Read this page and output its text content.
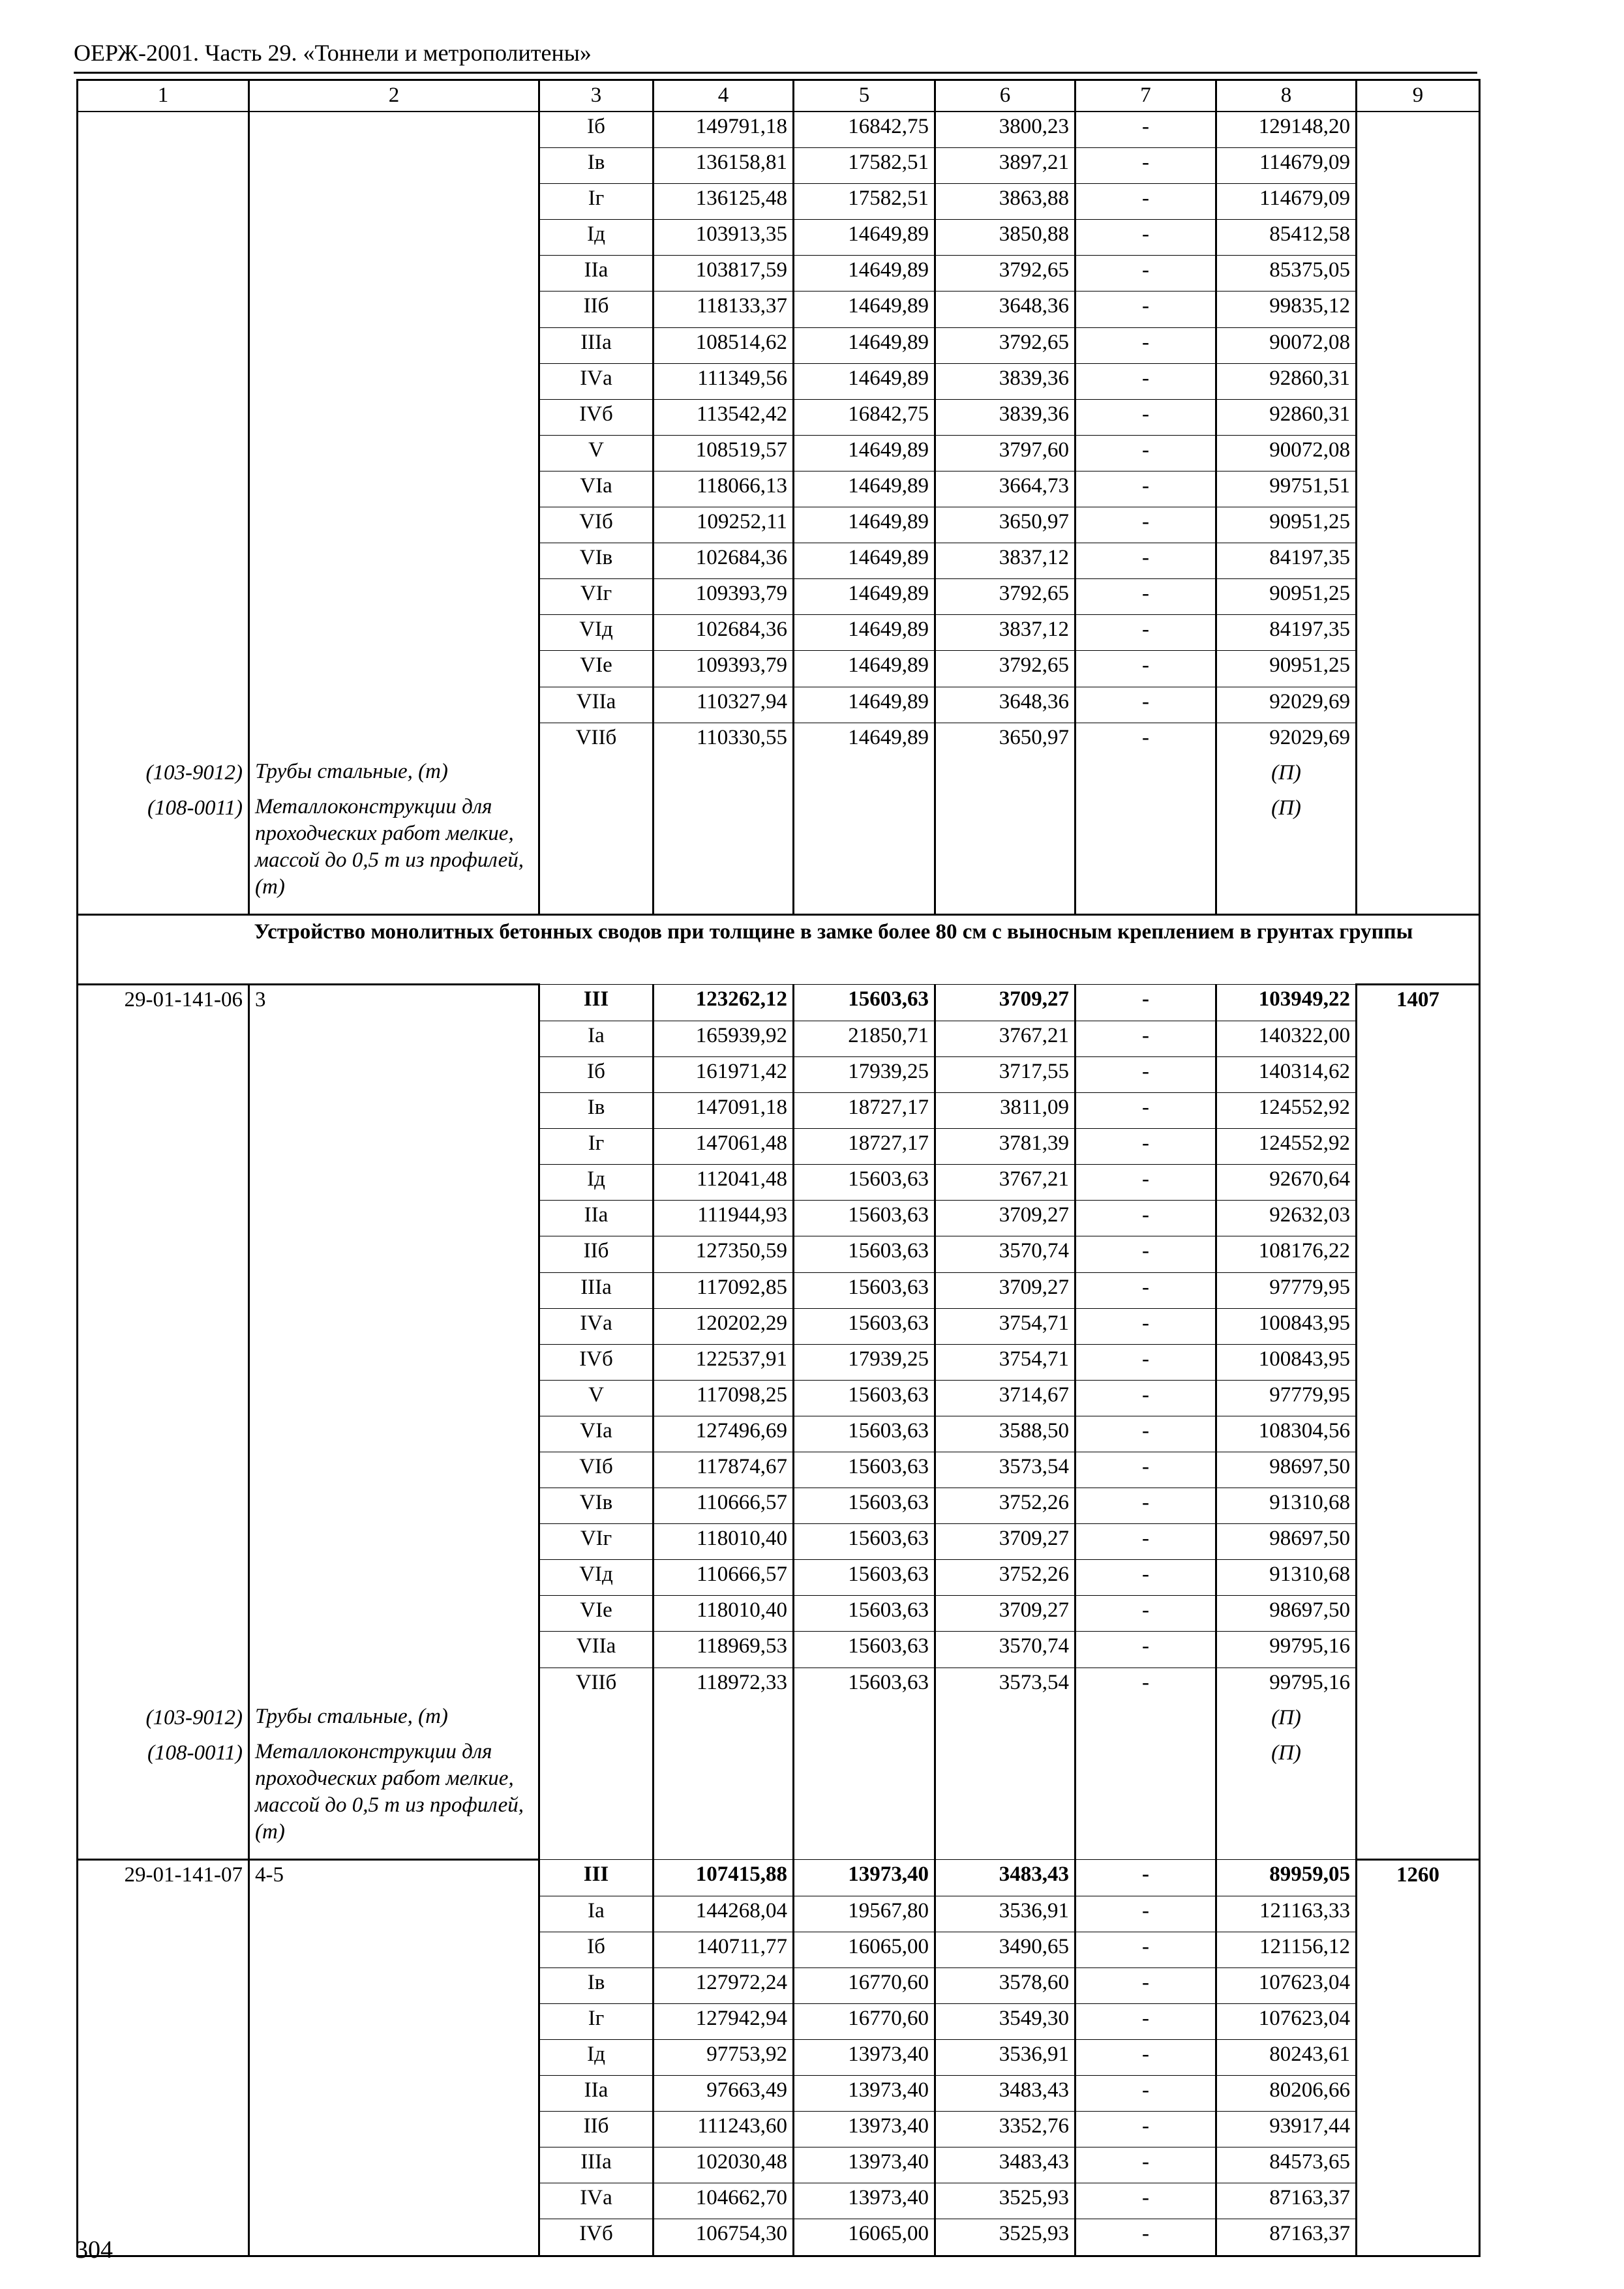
ОЕРЖ-2001. Часть 29. «Тоннели и метрополитены»
1	2	3	4	5	6	7	8	9
		Iб	149791,18	16842,75	3800,23	-	129148,20	
		Iв	136158,81	17582,51	3897,21	-	114679,09	
		Iг	136125,48	17582,51	3863,88	-	114679,09	
		Iд	103913,35	14649,89	3850,88	-	85412,58	
		IIа	103817,59	14649,89	3792,65	-	85375,05	
		IIб	118133,37	14649,89	3648,36	-	99835,12	
		IIIа	108514,62	14649,89	3792,65	-	90072,08	
		IVа	111349,56	14649,89	3839,36	-	92860,31	
		IVб	113542,42	16842,75	3839,36	-	92860,31	
		V	108519,57	14649,89	3797,60	-	90072,08	
		VIа	118066,13	14649,89	3664,73	-	99751,51	
		VIб	109252,11	14649,89	3650,97	-	90951,25	
		VIв	102684,36	14649,89	3837,12	-	84197,35	
		VIг	109393,79	14649,89	3792,65	-	90951,25	
		VIд	102684,36	14649,89	3837,12	-	84197,35	
		VIе	109393,79	14649,89	3792,65	-	90951,25	
		VIIа	110327,94	14649,89	3648,36	-	92029,69	
		VIIб	110330,55	14649,89	3650,97	-	92029,69	
(103-9012)	Трубы стальные, (т)						(П)	
(108-0011)	Металлоконструкции для проходческих работ мелкие, массой до 0,5 т из профилей, (т)						(П)	
	Устройство монолитных бетонных сводов при толщине в замке более 80 см с выносным креплением в грунтах группы							
29-01-141-06	3	III	123262,12	15603,63	3709,27	-	103949,22	1407
		Iа	165939,92	21850,71	3767,21	-	140322,00	
		Iб	161971,42	17939,25	3717,55	-	140314,62	
		Iв	147091,18	18727,17	3811,09	-	124552,92	
		Iг	147061,48	18727,17	3781,39	-	124552,92	
		Iд	112041,48	15603,63	3767,21	-	92670,64	
		IIа	111944,93	15603,63	3709,27	-	92632,03	
		IIб	127350,59	15603,63	3570,74	-	108176,22	
		IIIа	117092,85	15603,63	3709,27	-	97779,95	
		IVа	120202,29	15603,63	3754,71	-	100843,95	
		IVб	122537,91	17939,25	3754,71	-	100843,95	
		V	117098,25	15603,63	3714,67	-	97779,95	
		VIа	127496,69	15603,63	3588,50	-	108304,56	
		VIб	117874,67	15603,63	3573,54	-	98697,50	
		VIв	110666,57	15603,63	3752,26	-	91310,68	
		VIг	118010,40	15603,63	3709,27	-	98697,50	
		VIд	110666,57	15603,63	3752,26	-	91310,68	
		VIе	118010,40	15603,63	3709,27	-	98697,50	
		VIIа	118969,53	15603,63	3570,74	-	99795,16	
		VIIб	118972,33	15603,63	3573,54	-	99795,16	
(103-9012)	Трубы стальные, (т)						(П)	
(108-0011)	Металлоконструкции для проходческих работ мелкие, массой до 0,5 т из профилей, (т)						(П)	
29-01-141-07	4-5	III	107415,88	13973,40	3483,43	-	89959,05	1260
		Iа	144268,04	19567,80	3536,91	-	121163,33	
		Iб	140711,77	16065,00	3490,65	-	121156,12	
		Iв	127972,24	16770,60	3578,60	-	107623,04	
		Iг	127942,94	16770,60	3549,30	-	107623,04	
		Iд	97753,92	13973,40	3536,91	-	80243,61	
		IIа	97663,49	13973,40	3483,43	-	80206,66	
		IIб	111243,60	13973,40	3352,76	-	93917,44	
		IIIа	102030,48	13973,40	3483,43	-	84573,65	
		IVа	104662,70	13973,40	3525,93	-	87163,37	
		IVб	106754,30	16065,00	3525,93	-	87163,37	
304
